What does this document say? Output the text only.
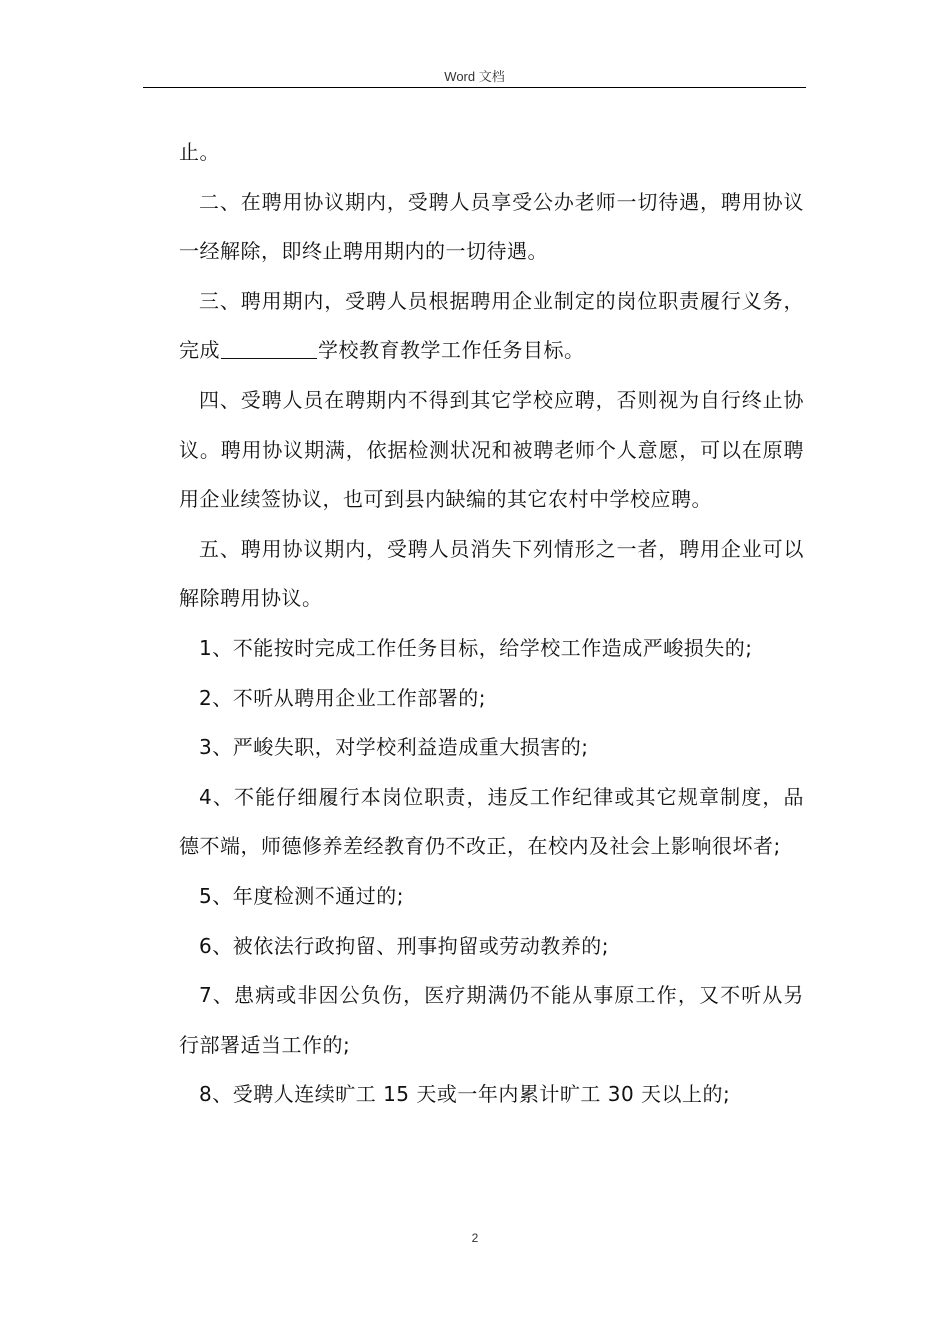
Word 文档

止。

二、在聘用协议期内，受聘人员享受公办老师一切待遇，聘用协议一经解除，即终止聘用期内的一切待遇。

三、聘用期内，受聘人员根据聘用企业制定的岗位职责履行义务，完成	学校教育教学工作任务目标。

四、受聘人员在聘期内不得到其它学校应聘，否则视为自行终止协议。聘用协议期满，依据检测状况和被聘老师个人意愿，可以在原聘用企业续签协议，也可到县内缺编的其它农村中学校应聘。

五、聘用协议期内，受聘人员消失下列情形之一者，聘用企业可以解除聘用协议。

1、不能按时完成工作任务目标，给学校工作造成严峻损失的;

2、不听从聘用企业工作部署的;

3、严峻失职，对学校利益造成重大损害的;

4、不能仔细履行本岗位职责，违反工作纪律或其它规章制度，品德不端，师德修养差经教育仍不改正，在校内及社会上影响很坏者;

5、年度检测不通过的;

6、被依法行政拘留、刑事拘留或劳动教养的;

7、患病或非因公负伤，医疗期满仍不能从事原工作，又不听从另行部署适当工作的;

8、受聘人连续旷工 15 天或一年内累计旷工 30 天以上的;

2
